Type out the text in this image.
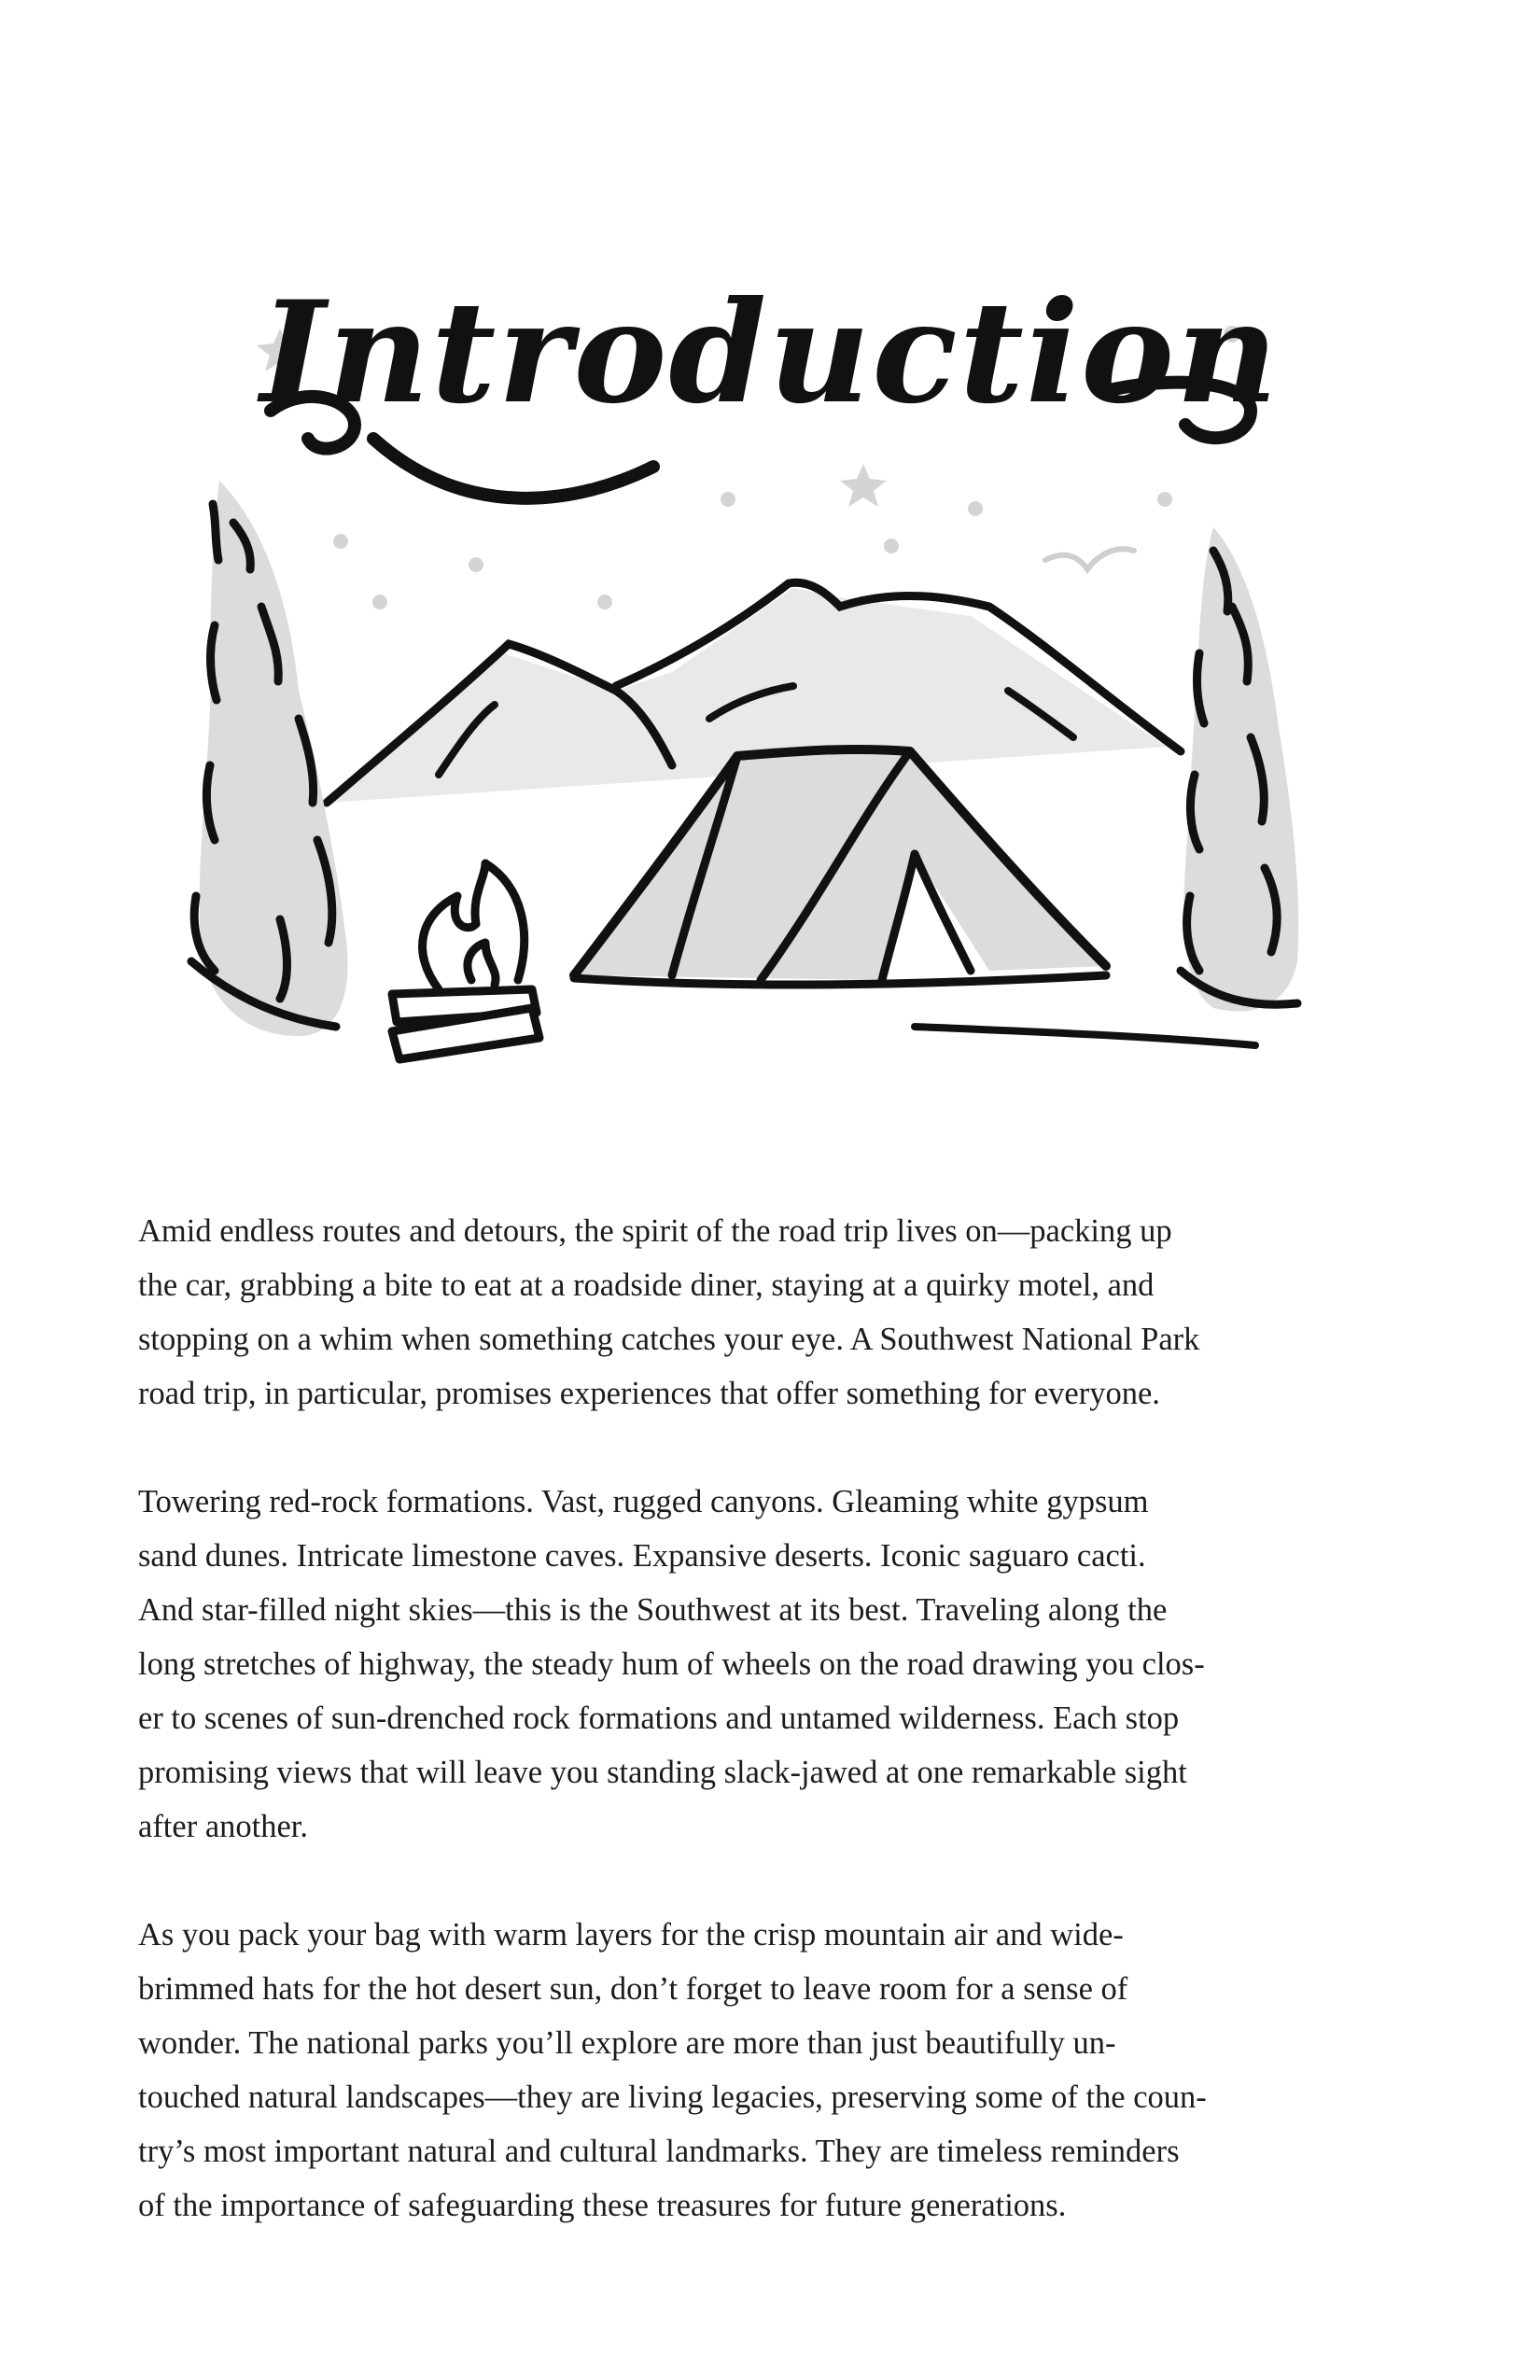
Introduction

Amid endless routes and detours, the spirit of the road trip lives on—packing up
the car, grabbing a bite to eat at a roadside diner, staying at a quirky motel, and
stopping on a whim when something catches your eye. A Southwest National Park
road trip, in particular, promises experiences that offer something for everyone.

Towering red-rock formations. Vast, rugged canyons. Gleaming white gypsum
sand dunes. Intricate limestone caves. Expansive deserts. Iconic saguaro cacti.
And star-filled night skies—this is the Southwest at its best. Traveling along the
long stretches of highway, the steady hum of wheels on the road drawing you clos-
er to scenes of sun-drenched rock formations and untamed wilderness. Each stop
promising views that will leave you standing slack-jawed at one remarkable sight
after another.

As you pack your bag with warm layers for the crisp mountain air and wide-
brimmed hats for the hot desert sun, don’t forget to leave room for a sense of
wonder. The national parks you’ll explore are more than just beautifully un-
touched natural landscapes—they are living legacies, preserving some of the coun-
try’s most important natural and cultural landmarks. They are timeless reminders
of the importance of safeguarding these treasures for future generations.
